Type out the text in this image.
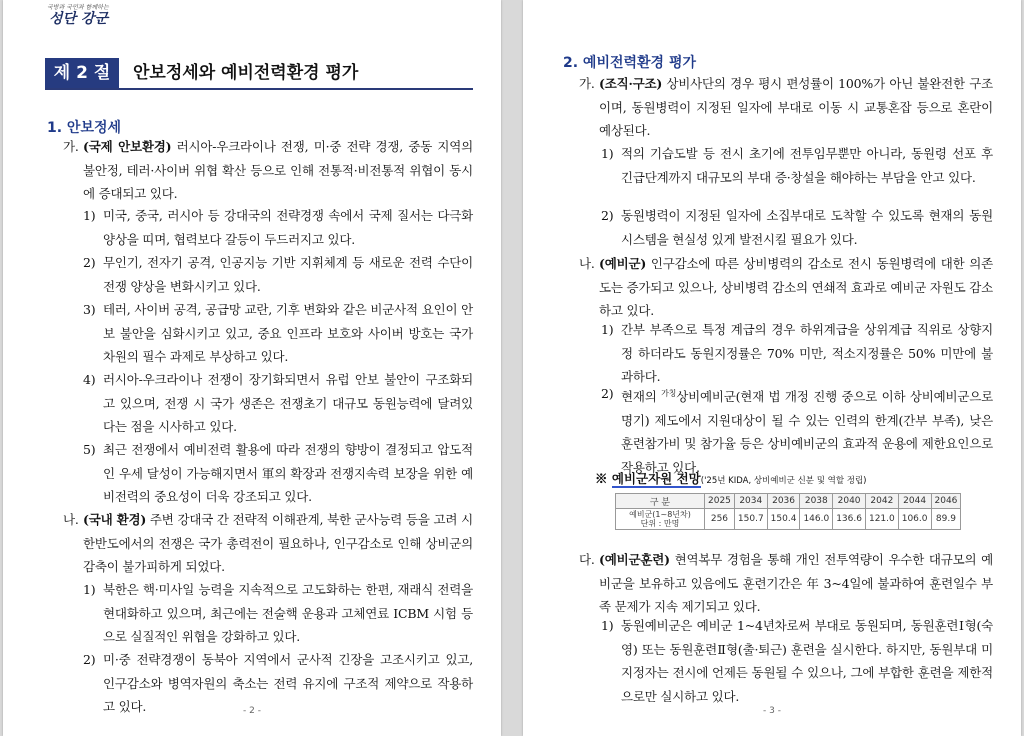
국방과 국민과 함께하는
성단 강군
제 2 절	안보정세와 예비전력환경 평가
1. 안보정세
가. (국제 안보환경) 러시아-우크라이나 전쟁, 미·중 전략 경쟁, 중동 지역의 불안정, 테러·사이버 위협 확산 등으로 인해 전통적·비전통적 위협이 동시에 증대되고 있다.
1) 미국, 중국, 러시아 등 강대국의 전략경쟁 속에서 국제 질서는 다극화 양상을 띠며, 협력보다 갈등이 두드러지고 있다.
2) 무인기, 전자기 공격, 인공지능 기반 지휘체계 등 새로운 전력 수단이 전쟁 양상을 변화시키고 있다.
3) 테러, 사이버 공격, 공급망 교란, 기후 변화와 같은 비군사적 요인이 안보 불안을 심화시키고 있고, 중요 인프라 보호와 사이버 방호는 국가 차원의 필수 과제로 부상하고 있다.
4) 러시아-우크라이나 전쟁이 장기화되면서 유럽 안보 불안이 구조화되고 있으며, 전쟁 시 국가 생존은 전쟁초기 대규모 동원능력에 달려있다는 점을 시사하고 있다.
5) 최근 전쟁에서 예비전력 활용에 따라 전쟁의 향방이 결정되고 압도적인 우세 달성이 가능해지면서 軍의 확장과 전쟁지속력 보장을 위한 예비전력의 중요성이 더욱 강조되고 있다.
나. (국내 환경) 주변 강대국 간 전략적 이해관계, 북한 군사능력 등을 고려 시 한반도에서의 전쟁은 국가 총력전이 필요하나, 인구감소로 인해 상비군의 감축이 불가피하게 되었다.
1) 북한은 핵·미사일 능력을 지속적으로 고도화하는 한편, 재래식 전력을 현대화하고 있으며, 최근에는 전술핵 운용과 고체연료 ICBM 시험 등으로 실질적인 위협을 강화하고 있다.
2) 미·중 전략경쟁이 동북아 지역에서 군사적 긴장을 고조시키고 있고, 인구감소와 병역자원의 축소는 전력 유지에 구조적 제약으로 작용하고 있다.	- 2 -
2. 예비전력환경 평가
가. (조직·구조) 상비사단의 경우 평시 편성률이 100%가 아닌 불완전한 구조이며, 동원병력이 지정된 일자에 부대로 이동 시 교통혼잡 등으로 혼란이 예상된다.
1) 적의 기습도발 등 전시 초기에 전투임무뿐만 아니라, 동원령 선포 후 긴급단계까지 대규모의 부대 증·창설을 해야하는 부담을 안고 있다.
2) 동원병력이 지정된 일자에 소집부대로 도착할 수 있도록 현재의 동원시스템을 현실성 있게 발전시킬 필요가 있다.
나. (예비군) 인구감소에 따른 상비병력의 감소로 전시 동원병력에 대한 의존도는 증가되고 있으나, 상비병력 감소의 연쇄적 효과로 예비군 자원도 감소하고 있다.
1) 간부 부족으로 특정 계급의 경우 하위계급을 상위계급 직위로 상향지정 하더라도 동원지정률은 70% 미만, 적소지정률은 50% 미만에 불과하다.
2) 현재의 $^{가칭}$상비예비군(현재 법 개정 진행 중으로 이하 상비예비군으로 명기) 제도에서 지원대상이 될 수 있는 인력의 한계(간부 부족), 낮은 훈련참가비 및 참가율 등은 상비예비군의 효과적 운용에 제한요인으로 작용하고 있다.
※ 예비군자원 전망('25년 KIDA, 상비예비군 신분 및 역할 정립)
구 분	2025	2034	2036	2038	2040	2042	2044	2046

예비군(1~8년차)
단위 : 만명	256	150.7	150.4	146.0	136.6	121.0	106.0	89.9
다. (예비군훈련) 현역복무 경험을 통해 개인 전투역량이 우수한 대규모의 예비군을 보유하고 있음에도 훈련기간은 年 3~4일에 불과하여 훈련일수 부족 문제가 지속 제기되고 있다.
1) 동원예비군은 예비군 1~4년차로써 부대로 동원되며, 동원훈련Ⅰ형(숙영) 또는 동원훈련Ⅱ형(출·퇴근) 훈련을 실시한다. 하지만, 동원부대 미지정자는 전시에 언제든 동원될 수 있으나, 그에 부합한 훈련을 제한적으로만 실시하고 있다.
- 3 -
